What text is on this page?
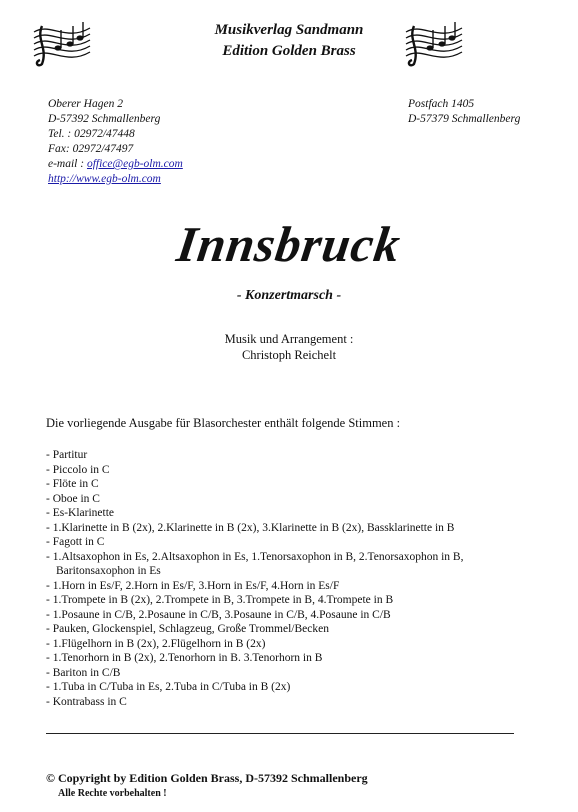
Musikverlag Sandmann
Edition Golden Brass
Oberer Hagen 2
D-57392 Schmallenberg
Tel. : 02972/47448
Fax: 02972/47497
e-mail : office@egb-olm.com
http://www.egb-olm.com
Postfach 1405
D-57379 Schmallenberg
Innsbruck
- Konzertmarsch -
Musik und Arrangement :
Christoph Reichelt
Die vorliegende Ausgabe für Blasorchester enthält folgende Stimmen :
- Partitur
- Piccolo in C
- Flöte in C
- Oboe in C
- Es-Klarinette
- 1.Klarinette in B (2x), 2.Klarinette in B (2x), 3.Klarinette in B (2x), Bassklarinette in B
- Fagott in C
- 1.Altsaxophon in Es, 2.Altsaxophon in Es, 1.Tenorsaxophon in B, 2.Tenorsaxophon in B,
Baritonsaxophon in Es
- 1.Horn in Es/F, 2.Horn in Es/F, 3.Horn in Es/F, 4.Horn in Es/F
- 1.Trompete in B (2x), 2.Trompete in B, 3.Trompete in B, 4.Trompete in B
- 1.Posaune in C/B, 2.Posaune in C/B, 3.Posaune in C/B, 4.Posaune in C/B
- Pauken, Glockenspiel, Schlagzeug, Große Trommel/Becken
- 1.Flügelhorn in B (2x), 2.Flügelhorn in B (2x)
- 1.Tenorhorn in B (2x), 2.Tenorhorn in B. 3.Tenorhorn in B
- Bariton in C/B
- 1.Tuba in C/Tuba in Es, 2.Tuba in C/Tuba in B (2x)
- Kontrabass in C
© Copyright by Edition Golden Brass, D-57392 Schmallenberg
Alle Rechte vorbehalten !
